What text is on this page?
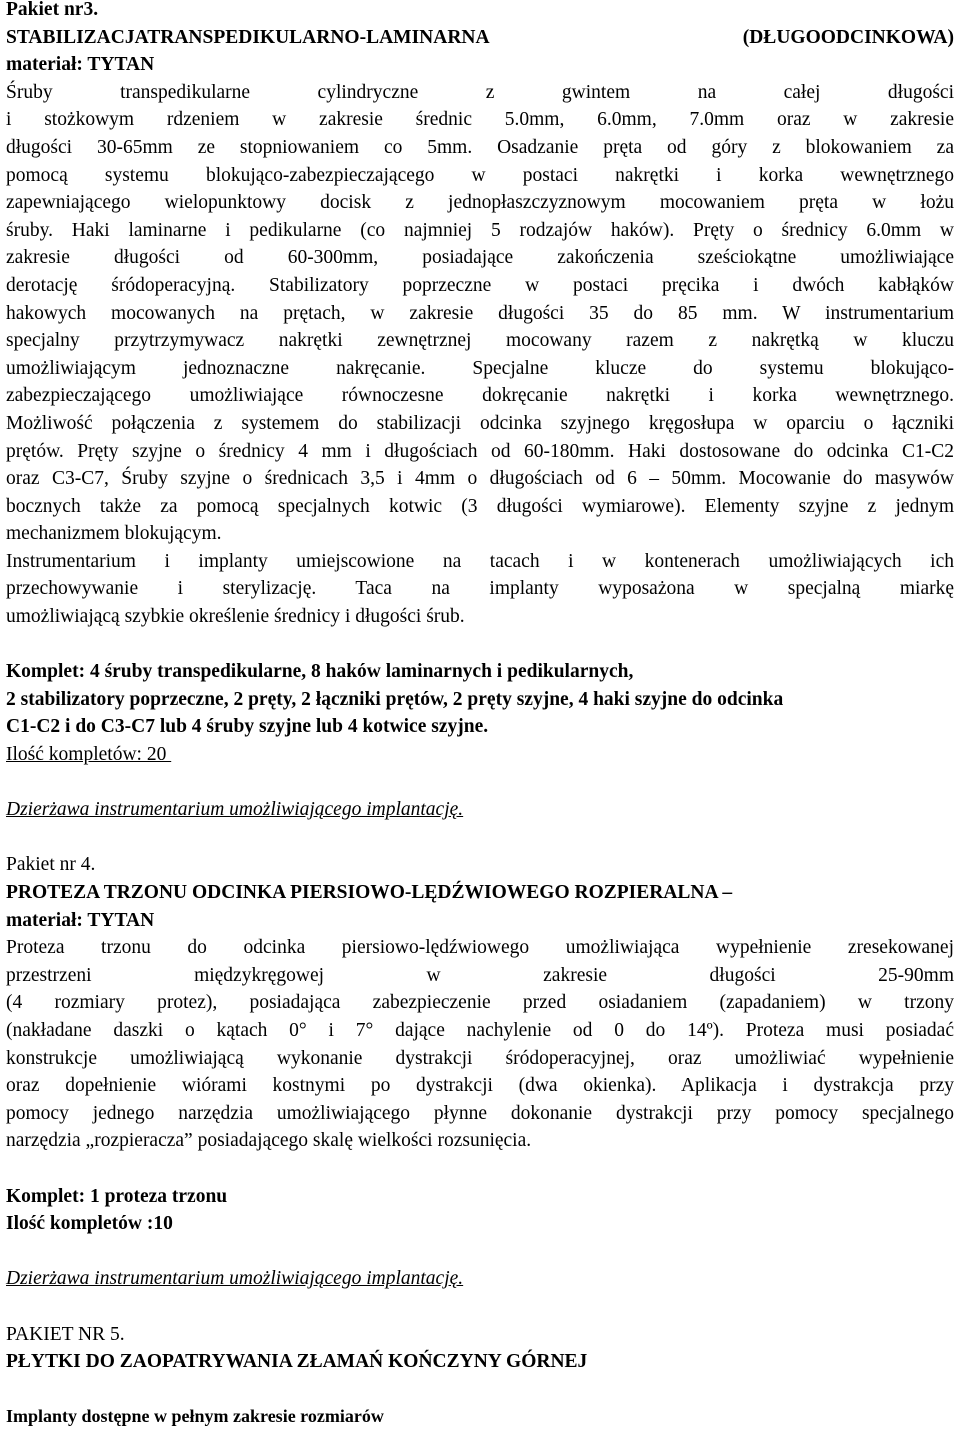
Pakiet nr3.
STABILIZACJATRANSPEDIKULARNO-LAMINARNA	(DŁUGOODCINKOWA)
materiał: TYTAN
Śruby transpedikularne cylindryczne z gwintem na całej długości
i stożkowym rdzeniem w zakresie średnic 5.0mm, 6.0mm, 7.0mm oraz w zakresie
długości 30-65mm ze stopniowaniem co 5mm. Osadzanie pręta od góry z blokowaniem za
pomocą systemu blokująco-zabezpieczającego w postaci nakrętki i korka wewnętrznego
zapewniającego wielopunktowy docisk z jednopłaszczyznowym mocowaniem pręta w łożu
śruby. Haki laminarne i pedikularne (co najmniej 5 rodzajów haków). Pręty o średnicy 6.0mm w
zakresie długości od 60-300mm, posiadające zakończenia sześciokątne umożliwiające
derotację śródoperacyjną. Stabilizatory poprzeczne w postaci pręcika i dwóch kabłąków
hakowych mocowanych na prętach, w zakresie długości 35 do 85 mm. W instrumentarium
specjalny przytrzymywacz nakrętki zewnętrznej mocowany razem z nakrętką w kluczu
umożliwiającym jednoznaczne nakręcanie. Specjalne klucze do systemu blokująco-
zabezpieczającego umożliwiające równoczesne dokręcanie nakrętki i korka wewnętrznego.
Możliwość połączenia z systemem do stabilizacji odcinka szyjnego kręgosłupa w oparciu o łączniki
prętów. Pręty szyjne o średnicy 4 mm i długościach od 60-180mm. Haki dostosowane do odcinka C1-C2
oraz C3-C7, Śruby szyjne o średnicach 3,5 i 4mm o długościach od 6 – 50mm. Mocowanie do masywów
bocznych także za pomocą specjalnych kotwic (3 długości wymiarowe). Elementy szyjne z jednym
mechanizmem blokującym.
Instrumentarium i implanty umiejscowione na tacach i w kontenerach umożliwiających ich
przechowywanie i sterylizację. Taca na implanty wyposażona w specjalną miarkę
umożliwiającą szybkie określenie średnicy i długości śrub.
Komplet: 4 śruby transpedikularne, 8 haków laminarnych i pedikularnych,
2 stabilizatory poprzeczne, 2 pręty, 2 łączniki prętów, 2 pręty szyjne, 4 haki szyjne do odcinka
C1-C2 i do C3-C7 lub 4 śruby szyjne lub 4 kotwice szyjne.
Ilość kompletów: 20
Dzierżawa instrumentarium umożliwiającego implantację.
Pakiet nr 4.
PROTEZA TRZONU ODCINKA PIERSIOWO-LĘDŹWIOWEGO ROZPIERALNA –
materiał: TYTAN
Proteza trzonu do odcinka piersiowo-lędźwiowego umożliwiająca wypełnienie zresekowanej
przestrzeni międzykręgowej w zakresie długości 25-90mm
(4 rozmiary protez), posiadająca zabezpieczenie przed osiadaniem (zapadaniem) w trzony
(nakładane daszki o kątach 0° i 7° dające nachylenie od 0 do 14º). Proteza musi posiadać
konstrukcje umożliwiającą wykonanie dystrakcji śródoperacyjnej, oraz umożliwiać wypełnienie
oraz dopełnienie wiórami kostnymi po dystrakcji (dwa okienka). Aplikacja i dystrakcja przy
pomocy jednego narzędzia umożliwiającego płynne dokonanie dystrakcji przy pomocy specjalnego
narzędzia „rozpieracza” posiadającego skalę wielkości rozsunięcia.
Komplet: 1 proteza trzonu
Ilość kompletów :10
Dzierżawa instrumentarium umożliwiającego implantację.
PAKIET NR 5.
PŁYTKI DO ZAOPATRYWANIA ZŁAMAŃ KOŃCZYNY GÓRNEJ
Implanty dostępne w pełnym zakresie rozmiarów
